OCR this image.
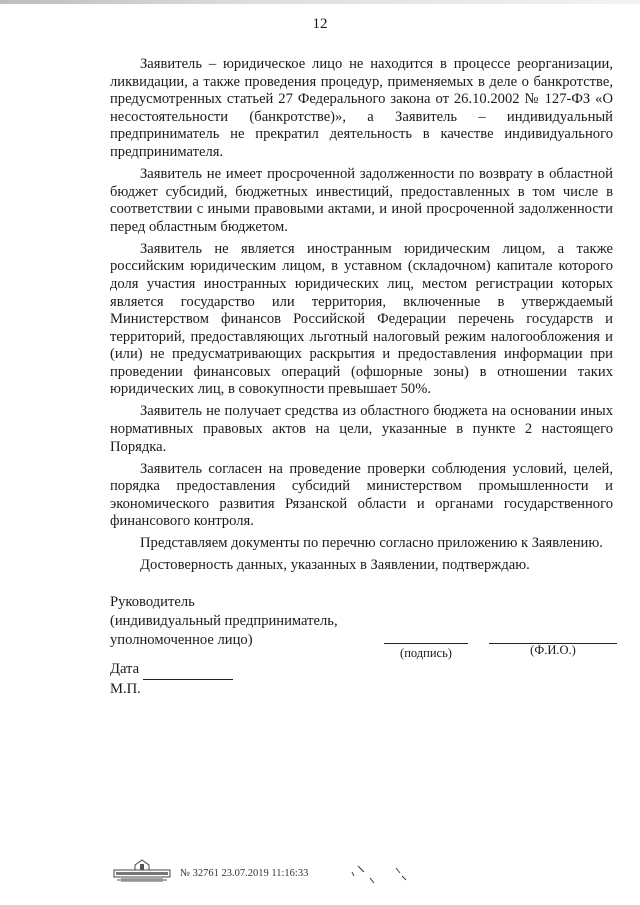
12

Заявитель – юридическое лицо не находится в процессе реорганизации, ликвидации, а также проведения процедур, применяемых в деле о банкротстве, предусмотренных статьей 27 Федерального закона от 26.10.2002 № 127-ФЗ «О несостоятельности (банкротстве)», а Заявитель – индивидуальный предприниматель не прекратил деятельность в качестве индивидуального предпринимателя.

Заявитель не имеет просроченной задолженности по возврату в областной бюджет субсидий, бюджетных инвестиций, предоставленных в том числе в соответствии с иными правовыми актами, и иной просроченной задолженности перед областным бюджетом.

Заявитель не является иностранным юридическим лицом, а также российским юридическим лицом, в уставном (складочном) капитале которого доля участия иностранных юридических лиц, местом регистрации которых является государство или территория, включенные в утверждаемый Министерством финансов Российской Федерации перечень государств и территорий, предоставляющих льготный налоговый режим налогообложения и (или) не предусматривающих раскрытия и предоставления информации при проведении финансовых операций (офшорные зоны) в отношении таких юридических лиц, в совокупности превышает 50%.

Заявитель не получает средства из областного бюджета на основании иных нормативных правовых актов на цели, указанные в пункте 2 настоящего Порядка.

Заявитель согласен на проведение проверки соблюдения условий, целей, порядка предоставления субсидий министерством промышленности и экономического развития Рязанской области и органами государственного финансового контроля.

Представляем документы по перечню согласно приложению к Заявлению.

Достоверность данных, указанных в Заявлении, подтверждаю.

Руководитель
(индивидуальный предприниматель,
уполномоченное лицо)
(подпись)	(Ф.И.О.)
Дата
М.П.
№ 32761 23.07.2019 11:16:33
